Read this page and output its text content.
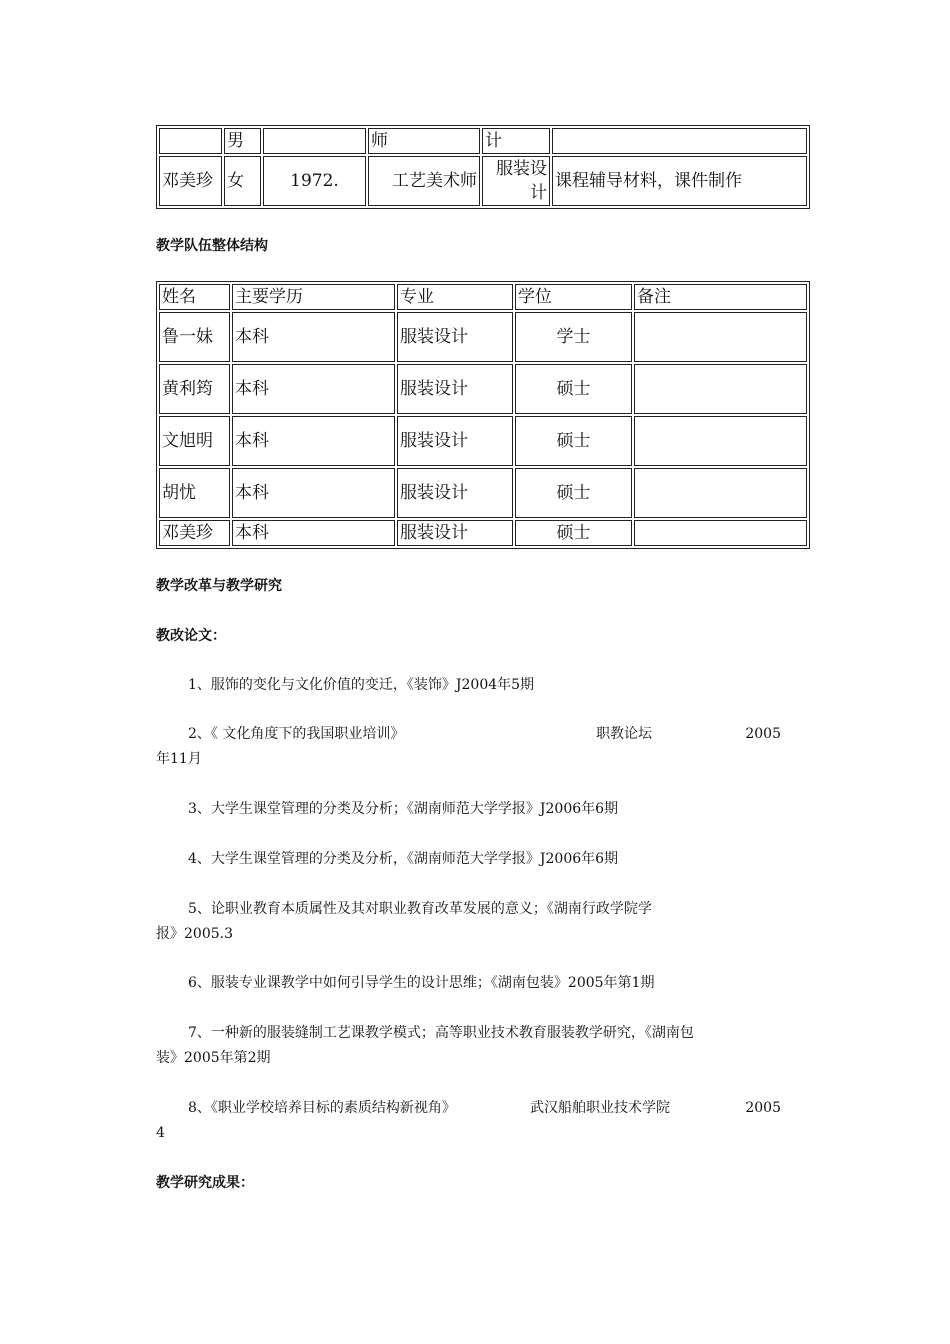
	男		师	计	
邓美珍	女	1972.	工艺美术师	服装设计	课程辅导材料，课件制作
教学队伍整体结构
姓名	主要学历	专业	学位	备注
鲁一妹	本科	服装设计	学士	
黄利筠	本科	服装设计	硕士	
文旭明	本科	服装设计	硕士	
胡忧	本科	服装设计	硕士	
邓美珍	本科	服装设计	硕士	
教学改革与教学研究
教改论文：
1、服饰的变化与文化价值的变迁，《装饰》J2004年5期
2、《 文化角度下的我国职业培训》	职教论坛	2005
年11月
3、大学生课堂管理的分类及分析；《湖南师范大学学报》J2006年6期
4、大学生课堂管理的分类及分析，《湖南师范大学学报》J2006年6期
5、论职业教育本质属性及其对职业教育改革发展的意义；《湖南行政学院学
报》2005.3
6、服装专业课教学中如何引导学生的设计思维；《湖南包装》2005年第1期
7、一种新的服装缝制工艺课教学模式；高等职业技术教育服装教学研究，《湖南包
装》2005年第2期
8、《职业学校培养目标的素质结构新视角》	武汉船舶职业技术学院	2005
4
教学研究成果：
